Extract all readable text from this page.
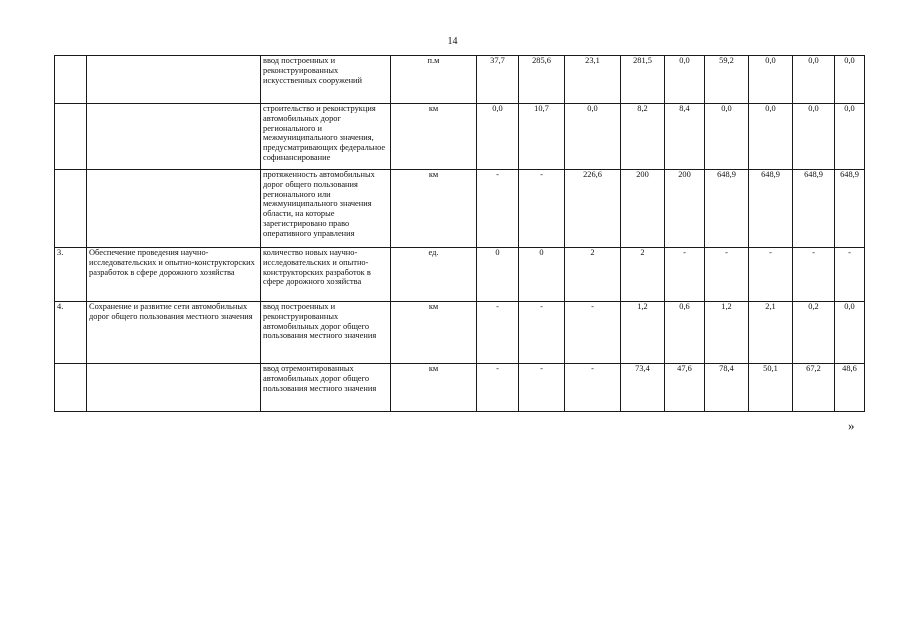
14
		ввод построенных и реконструированных искусственных сооружений	п.м	37,7	285,6	23,1	281,5	0,0	59,2	0,0	0,0	0,0
		строительство и реконструкция автомобильных дорог регионального и межмуниципального значения, предусматривающих федеральное софинансирование	км	0,0	10,7	0,0	8,2	8,4	0,0	0,0	0,0	0,0
		протяженность автомобильных дорог общего пользования регионального или межмуниципального значения области, на которые зарегистрировано право оперативного управления	км	-	-	226,6	200	200	648,9	648,9	648,9	648,9
3.	Обеспечение проведения научно-исследовательских и опытно-конструкторских разработок в сфере дорожного хозяйства	количество новых научно-исследовательских и опытно-конструкторских разработок в сфере дорожного хозяйства	ед.	0	0	2	2	-	-	-	-	-
4.	Сохранение и развитие сети автомобильных дорог общего пользования местного значения	ввод построенных и реконструированных автомобильных дорог общего пользования местного значения	км	-	-	-	1,2	0,6	1,2	2,1	0,2	0,0
		ввод отремонтированных автомобильных дорог общего пользования местного значения	км	-	-	-	73,4	47,6	78,4	50,1	67,2	48,6
»
